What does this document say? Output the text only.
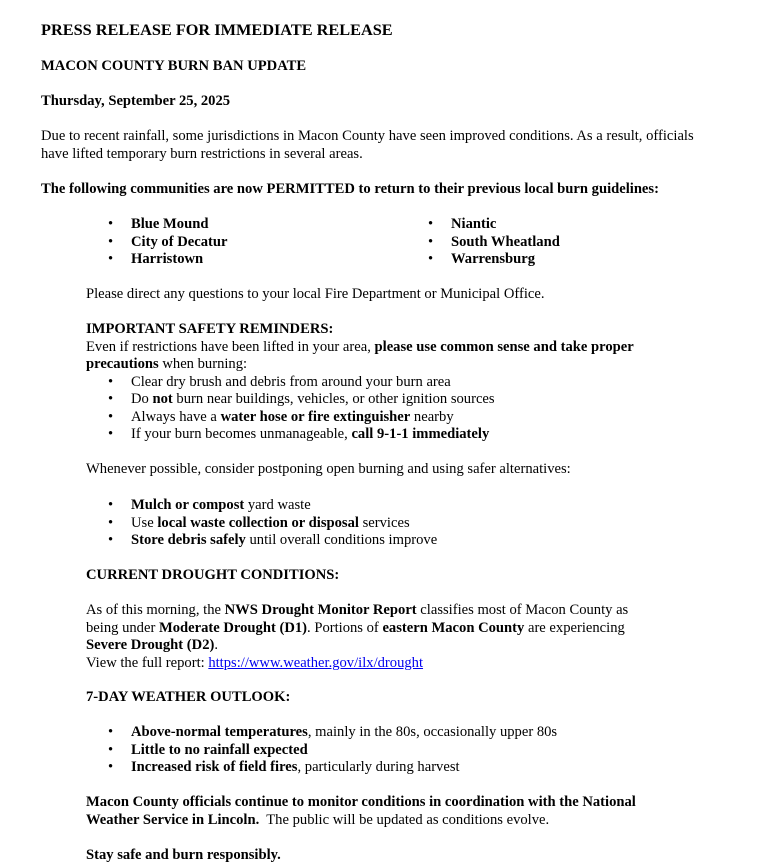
PRESS RELEASE FOR IMMEDIATE RELEASE
MACON COUNTY BURN BAN UPDATE
Thursday, September 25, 2025
Due to recent rainfall, some jurisdictions in Macon County have seen improved conditions. As a result, officials
have lifted temporary burn restrictions in several areas.
The following communities are now PERMITTED to return to their previous local burn guidelines:
• Blue Mound
• City of Decatur
• Harristown
• Niantic
• South Wheatland
• Warrensburg
Please direct any questions to your local Fire Department or Municipal Office.
IMPORTANT SAFETY REMINDERS:
Even if restrictions have been lifted in your area, please use common sense and take proper
precautions when burning:
• Clear dry brush and debris from around your burn area
• Do not burn near buildings, vehicles, or other ignition sources
• Always have a water hose or fire extinguisher nearby
• If your burn becomes unmanageable, call 9-1-1 immediately
Whenever possible, consider postponing open burning and using safer alternatives:
• Mulch or compost yard waste
• Use local waste collection or disposal services
• Store debris safely until overall conditions improve
CURRENT DROUGHT CONDITIONS:
As of this morning, the NWS Drought Monitor Report classifies most of Macon County as
being under Moderate Drought (D1). Portions of eastern Macon County are experiencing
Severe Drought (D2).
View the full report: https://www.weather.gov/ilx/drought
7-DAY WEATHER OUTLOOK:
• Above-normal temperatures, mainly in the 80s, occasionally upper 80s
• Little to no rainfall expected
• Increased risk of field fires, particularly during harvest
Macon County officials continue to monitor conditions in coordination with the National
Weather Service in Lincoln.  The public will be updated as conditions evolve.
Stay safe and burn responsibly.
